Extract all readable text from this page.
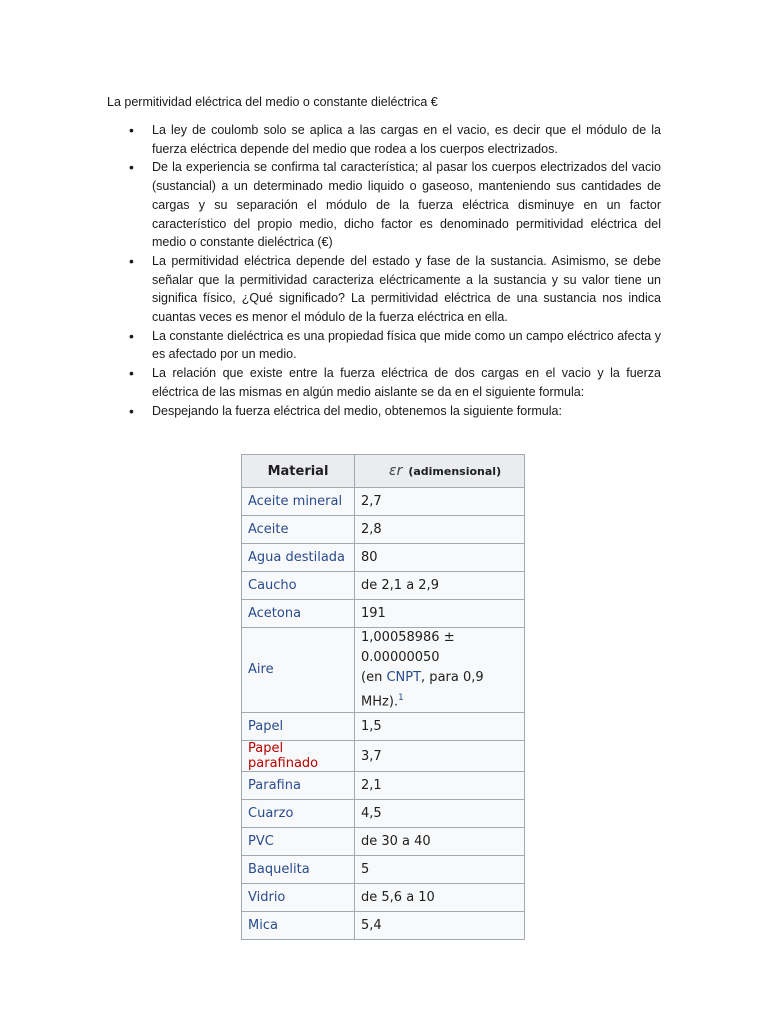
La permitividad eléctrica del medio o constante dieléctrica €
• La ley de coulomb solo se aplica a las cargas en el vacio, es decir que el módulo de la fuerza eléctrica depende del medio que rodea a los cuerpos electrizados.
• De la experiencia se confirma tal característica; al pasar los cuerpos electrizados del vacio (sustancial) a un determinado medio liquido o gaseoso, manteniendo sus cantidades de cargas y su separación el módulo de la fuerza eléctrica disminuye en un factor característico del propio medio, dicho factor es denominado permitividad eléctrica del medio o constante dieléctrica (€)
• La permitividad eléctrica depende del estado y fase de la sustancia. Asimismo, se debe señalar que la permitividad caracteriza eléctricamente a la sustancia y su valor tiene un significa físico, ¿Qué significado? La permitividad eléctrica de una sustancia nos indica cuantas veces es menor el módulo de la fuerza eléctrica en ella.
• La constante dieléctrica es una propiedad física que mide como un campo eléctrico afecta y es afectado por un medio.
• La relación que existe entre la fuerza eléctrica de dos cargas en el vacio y la fuerza eléctrica de las mismas en algún medio aislante se da en el siguiente formula:
• Despejando la fuerza eléctrica del medio, obtenemos la siguiente formula:
Material	εr (adimensional)
Aceite mineral	2,7
Aceite	2,8
Agua destilada	80
Caucho	de 2,1 a 2,9
Acetona	191
Aire	1,00058986 ± 0.00000050
(en CNPT, para 0,9 MHz).$^1$

Papel	1,5
Papel parafinado	3,7
Parafina	2,1
Cuarzo	4,5
PVC	de 30 a 40
Baquelita	5
Vidrio	de 5,6 a 10
Mica	5,4
